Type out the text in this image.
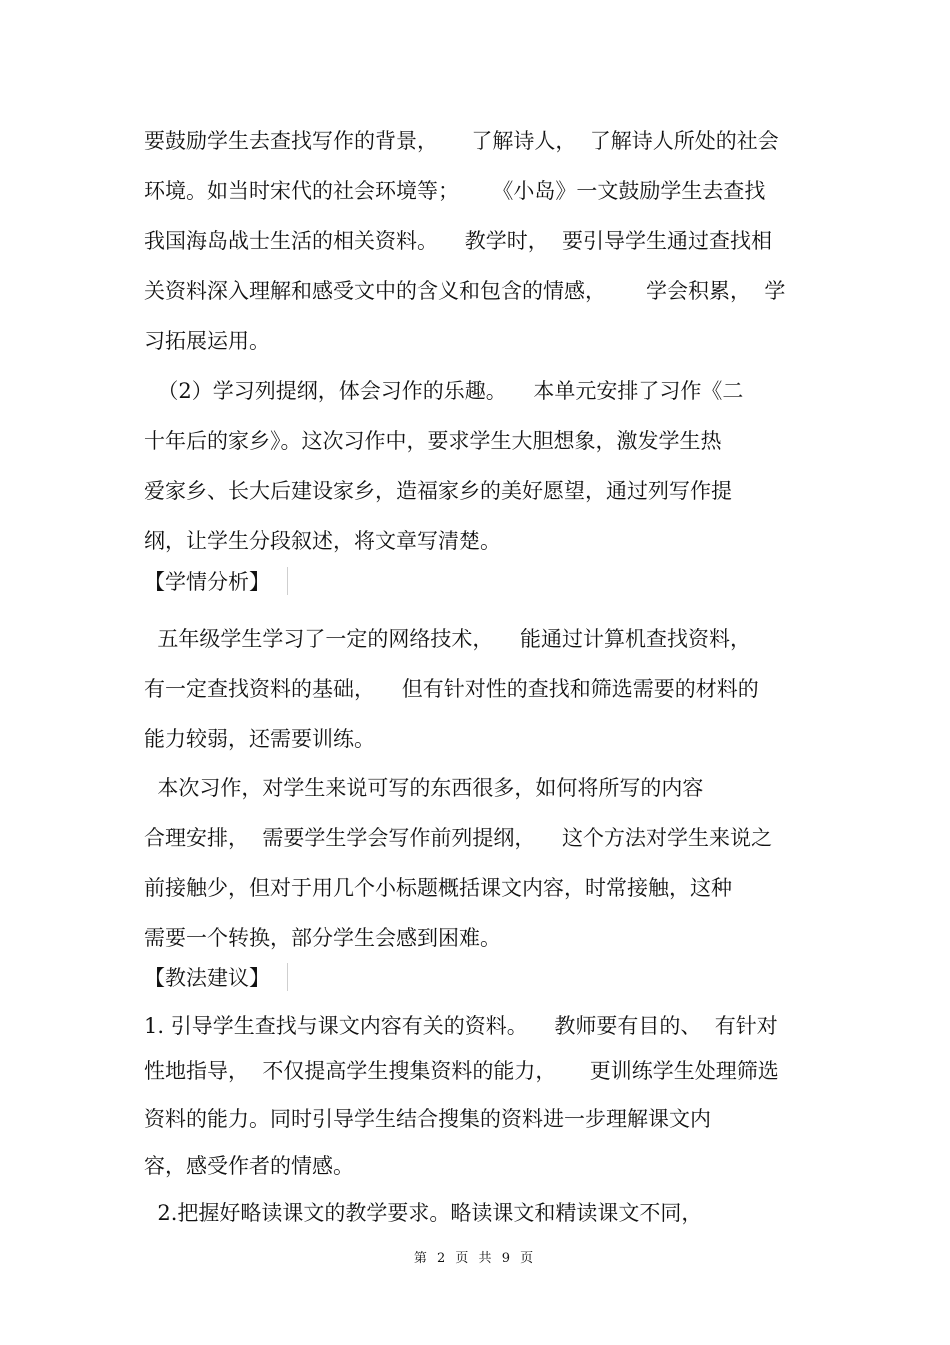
要鼓励学生去查找写作的背景，     了解诗人，  了解诗人所处的社会

环境。如当时宋代的社会环境等；     《小岛》一文鼓励学生去查找

我国海岛战士生活的相关资料。    教学时，  要引导学生通过查找相

关资料深入理解和感受文中的含义和包含的情感，      学会积累，  学

习拓展运用。

（2）学习列提纲，体会习作的乐趣。    本单元安排了习作《二

十年后的家乡》。这次习作中，要求学生大胆想象，激发学生热

爱家乡、长大后建设家乡，造福家乡的美好愿望，通过列写作提

纲，让学生分段叙述，将文章写清楚。

【学情分析】

五年级学生学习了一定的网络技术，    能通过计算机查找资料，

有一定查找资料的基础，    但有针对性的查找和筛选需要的材料的

能力较弱，还需要训练。

本次习作，对学生来说可写的东西很多，如何将所写的内容

合理安排，  需要学生学会写作前列提纲，    这个方法对学生来说之

前接触少，但对于用几个小标题概括课文内容，时常接触，这种

需要一个转换，部分学生会感到困难。

【教法建议】

1. 引导学生查找与课文内容有关的资料。    教师要有目的、  有针对

性地指导，  不仅提高学生搜集资料的能力，     更训练学生处理筛选

资料的能力。同时引导学生结合搜集的资料进一步理解课文内

容，感受作者的情感。

2.把握好略读课文的教学要求。略读课文和精读课文不同，

第 2 页 共 9 页
